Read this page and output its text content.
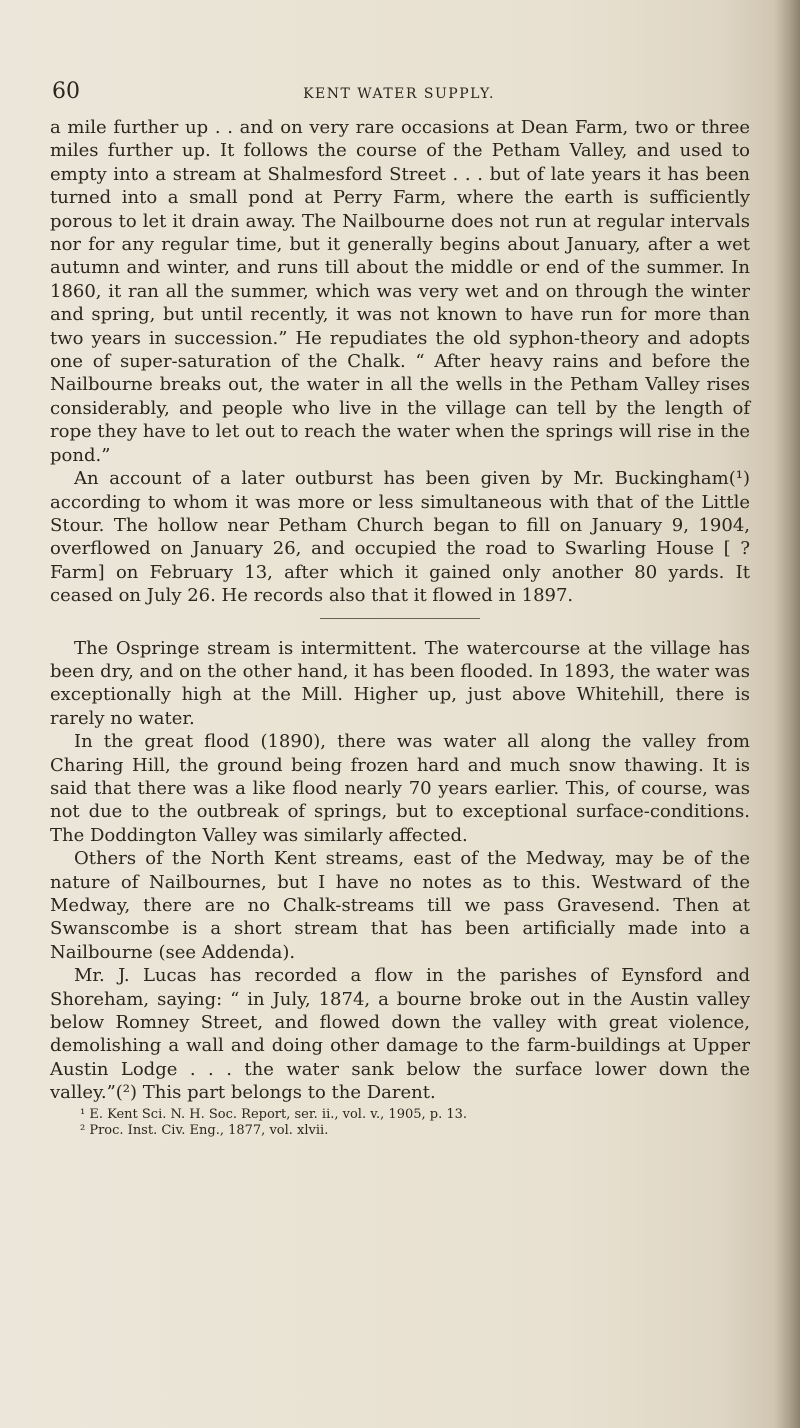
60	KENT WATER SUPPLY.

a mile further up . . and on very rare occasions at Dean Farm, two or three miles further up. It follows the course of the Petham Valley, and used to empty into a stream at Shalmesford Street . . . but of late years it has been turned into a small pond at Perry Farm, where the earth is sufficiently porous to let it drain away. The Nailbourne does not run at regular intervals nor for any regular time, but it generally begins about January, after a wet autumn and winter, and runs till about the middle or end of the summer. In 1860, it ran all the summer, which was very wet and on through the winter and spring, but until recently, it was not known to have run for more than two years in succession.” He repudiates the old syphon-theory and adopts one of super-saturation of the Chalk. “ After heavy rains and before the Nailbourne breaks out, the water in all the wells in the Petham Valley rises considerably, and people who live in the village can tell by the length of rope they have to let out to reach the water when the springs will rise in the pond.”

An account of a later outburst has been given by Mr. Buckingham(¹) according to whom it was more or less simultaneous with that of the Little Stour. The hollow near Petham Church began to fill on January 9, 1904, overflowed on January 26, and occupied the road to Swarling House [ ? Farm] on February 13, after which it gained only another 80 yards. It ceased on July 26. He records also that it flowed in 1897.

The Ospringe stream is intermittent. The watercourse at the village has been dry, and on the other hand, it has been flooded. In 1893, the water was exceptionally high at the Mill. Higher up, just above Whitehill, there is rarely no water.

In the great flood (1890), there was water all along the valley from Charing Hill, the ground being frozen hard and much snow thawing. It is said that there was a like flood nearly 70 years earlier. This, of course, was not due to the outbreak of springs, but to exceptional surface-conditions. The Doddington Valley was similarly affected.

Others of the North Kent streams, east of the Medway, may be of the nature of Nailbournes, but I have no notes as to this. Westward of the Medway, there are no Chalk-streams till we pass Gravesend. Then at Swanscombe is a short stream that has been artificially made into a Nailbourne (see Addenda).

Mr. J. Lucas has recorded a flow in the parishes of Eynsford and Shoreham, saying: “ in July, 1874, a bourne broke out in the Austin valley below Romney Street, and flowed down the valley with great violence, demolishing a wall and doing other damage to the farm-buildings at Upper Austin Lodge . . . the water sank below the surface lower down the valley.”(²) This part belongs to the Darent.

¹ E. Kent Sci. N. H. Soc. Report, ser. ii., vol. v., 1905, p. 13.

² Proc. Inst. Civ. Eng., 1877, vol. xlvii.
